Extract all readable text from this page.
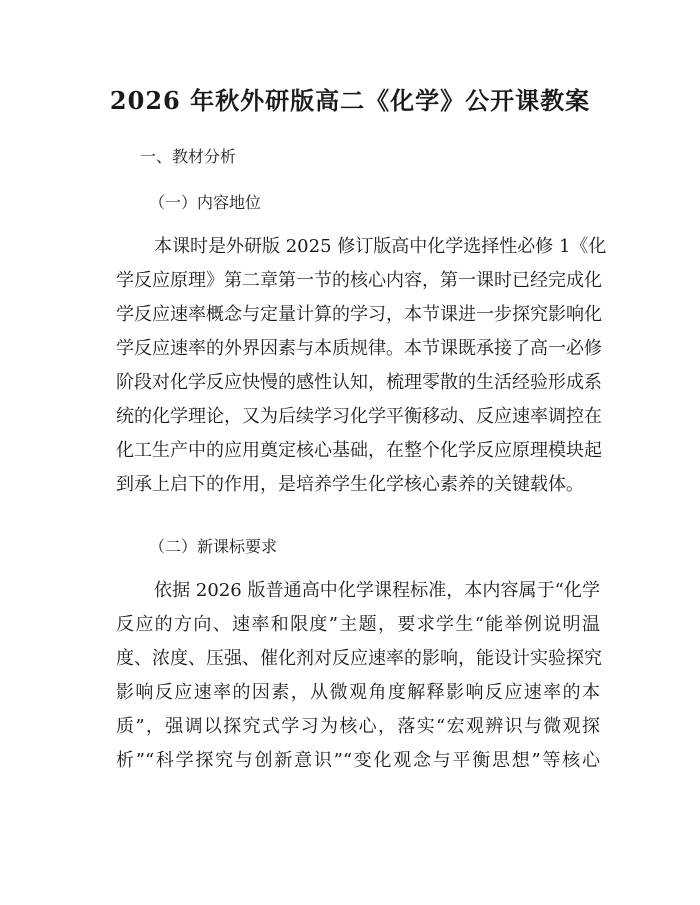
2026 年秋外研版高二《化学》公开课教案
一、教材分析
（一）内容地位
本课时是外研版 2025 修订版高中化学选择性必修 1《化
学反应原理》第二章第一节的核心内容，第一课时已经完成化
学反应速率概念与定量计算的学习，本节课进一步探究影响化
学反应速率的外界因素与本质规律。本节课既承接了高一必修
阶段对化学反应快慢的感性认知，梳理零散的生活经验形成系
统的化学理论，又为后续学习化学平衡移动、反应速率调控在
化工生产中的应用奠定核心基础，在整个化学反应原理模块起
到承上启下的作用，是培养学生化学核心素养的关键载体。
（二）新课标要求
依据 2026 版普通高中化学课程标准，本内容属于“化学
反应的方向、速率和限度”主题，要求学生“能举例说明温
度、浓度、压强、催化剂对反应速率的影响，能设计实验探究
影响反应速率的因素，从微观角度解释影响反应速率的本
质”，强调以探究式学习为核心，落实“宏观辨识与微观探
析”“科学探究与创新意识”“变化观念与平衡思想”等核心
